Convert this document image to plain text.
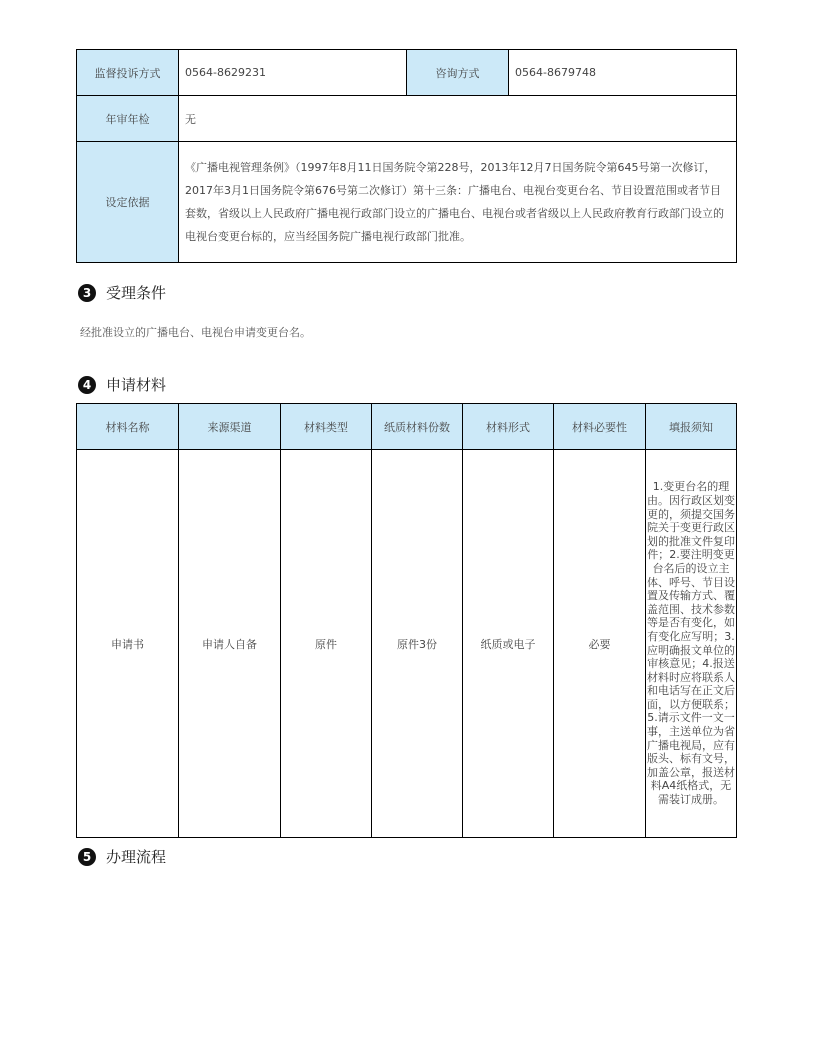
监督投诉方式	0564-8629231	咨询方式	0564-8679748
年审年检	无		
设定依据	《广播电视管理条例》（1997年8月11日国务院令第228号，2013年12月7日国务院令第645号第一次修订，2017年3月1日国务院令第676号第二次修订）第十三条：广播电台、电视台变更台名、节目设置范围或者节目套数，省级以上人民政府广播电视行政部门设立的广播电台、电视台或者省级以上人民政府教育行政部门设立的电视台变更台标的，应当经国务院广播电视行政部门批准。		
3 受理条件
经批准设立的广播电台、电视台申请变更台名。
4 申请材料
材料名称	来源渠道	材料类型	纸质材料份数	材料形式	材料必要性	填报须知
申请书	申请人自备	原件	原件3份	纸质或电子	必要	1.变更台名的理由。因行政区划变更的，须提交国务院关于变更行政区划的批准文件复印件；2.要注明变更台名后的设立主体、呼号、节目设置及传输方式、覆盖范围、技术参数等是否有变化，如有变化应写明；3.应明确报文单位的审核意见；4.报送材料时应将联系人和电话写在正文后面，以方便联系；5.请示文件一文一事，主送单位为省广播电视局，应有版头、标有文号，加盖公章，报送材料A4纸格式，无需装订成册。
5 办理流程
